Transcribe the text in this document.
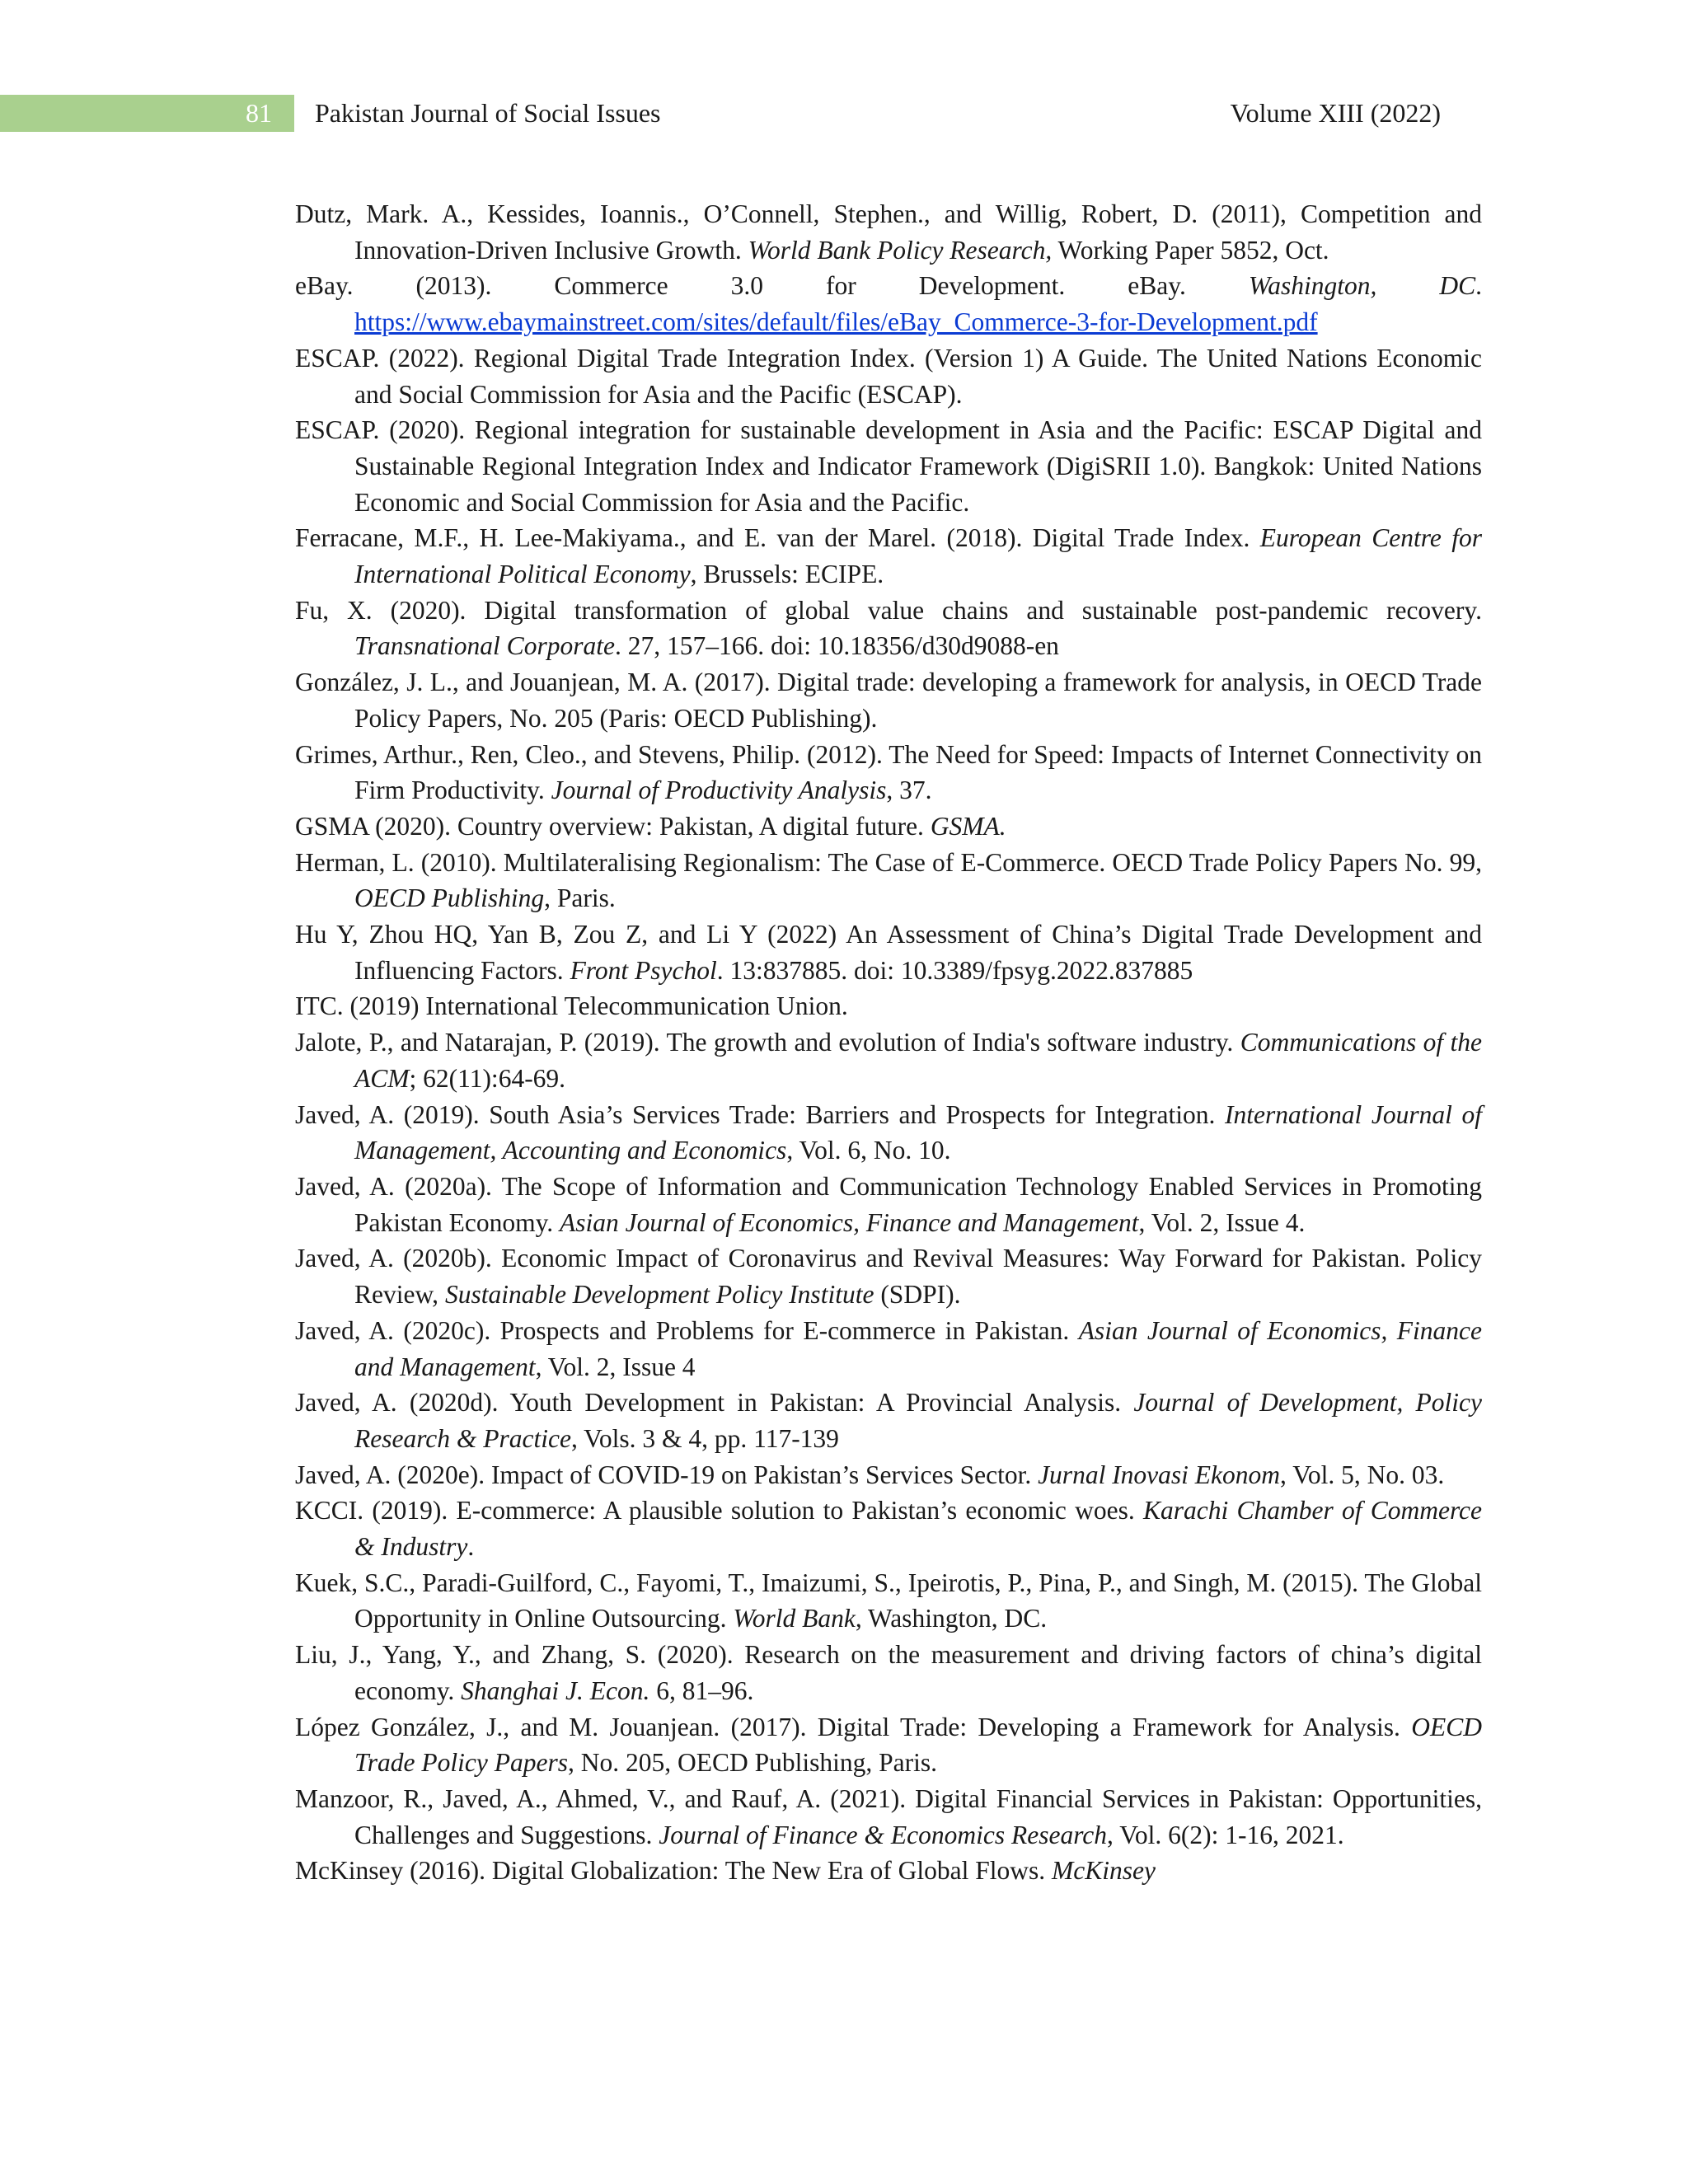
81 Pakistan Journal of Social Issues	Volume XIII (2022)

Dutz, Mark. A., Kessides, Ioannis., O’Connell, Stephen., and Willig, Robert, D. (2011), Competition and Innovation-Driven Inclusive Growth. World Bank Policy Research, Working Paper 5852, Oct.

eBay. (2013). Commerce 3.0 for Development. eBay. Washington, DC. https://www.ebaymainstreet.com/sites/default/files/eBay_Commerce-3-for-Development.pdf

ESCAP. (2022). Regional Digital Trade Integration Index. (Version 1) A Guide. The United Nations Economic and Social Commission for Asia and the Pacific (ESCAP).

ESCAP. (2020). Regional integration for sustainable development in Asia and the Pacific: ESCAP Digital and Sustainable Regional Integration Index and Indicator Framework (DigiSRII 1.0). Bangkok: United Nations Economic and Social Commission for Asia and the Pacific.

Ferracane, M.F., H. Lee-Makiyama., and E. van der Marel. (2018). Digital Trade Index. European Centre for International Political Economy, Brussels: ECIPE.

Fu, X. (2020). Digital transformation of global value chains and sustainable post-pandemic recovery. Transnational Corporate. 27, 157–166. doi: 10.18356/d30d9088-en

González, J. L., and Jouanjean, M. A. (2017). Digital trade: developing a framework for analysis, in OECD Trade Policy Papers, No. 205 (Paris: OECD Publishing).

Grimes, Arthur., Ren, Cleo., and Stevens, Philip. (2012). The Need for Speed: Impacts of Internet Connectivity on Firm Productivity. Journal of Productivity Analysis, 37.

GSMA (2020). Country overview: Pakistan, A digital future. GSMA.

Herman, L. (2010). Multilateralising Regionalism: The Case of E-Commerce. OECD Trade Policy Papers No. 99, OECD Publishing, Paris.

Hu Y, Zhou HQ, Yan B, Zou Z, and Li Y (2022) An Assessment of China’s Digital Trade Development and Influencing Factors. Front Psychol. 13:837885. doi: 10.3389/fpsyg.2022.837885

ITC. (2019) International Telecommunication Union.

Jalote, P., and Natarajan, P. (2019). The growth and evolution of India's software industry. Communications of the ACM; 62(11):64-69.

Javed, A. (2019). South Asia’s Services Trade: Barriers and Prospects for Integration. International Journal of Management, Accounting and Economics, Vol. 6, No. 10.

Javed, A. (2020a). The Scope of Information and Communication Technology Enabled Services in Promoting Pakistan Economy. Asian Journal of Economics, Finance and Management, Vol. 2, Issue 4.

Javed, A. (2020b). Economic Impact of Coronavirus and Revival Measures: Way Forward for Pakistan. Policy Review, Sustainable Development Policy Institute (SDPI).

Javed, A. (2020c). Prospects and Problems for E-commerce in Pakistan. Asian Journal of Economics, Finance and Management, Vol. 2, Issue 4

Javed, A. (2020d). Youth Development in Pakistan: A Provincial Analysis. Journal of Development, Policy Research & Practice, Vols. 3 & 4, pp. 117-139

Javed, A. (2020e). Impact of COVID-19 on Pakistan’s Services Sector. Jurnal Inovasi Ekonom, Vol. 5, No. 03.

KCCI. (2019). E-commerce: A plausible solution to Pakistan’s economic woes. Karachi Chamber of Commerce & Industry.

Kuek, S.C., Paradi-Guilford, C., Fayomi, T., Imaizumi, S., Ipeirotis, P., Pina, P., and Singh, M. (2015). The Global Opportunity in Online Outsourcing. World Bank, Washington, DC.

Liu, J., Yang, Y., and Zhang, S. (2020). Research on the measurement and driving factors of china’s digital economy. Shanghai J. Econ. 6, 81–96.

López González, J., and M. Jouanjean. (2017). Digital Trade: Developing a Framework for Analysis. OECD Trade Policy Papers, No. 205, OECD Publishing, Paris.

Manzoor, R., Javed, A., Ahmed, V., and Rauf, A. (2021). Digital Financial Services in Pakistan: Opportunities, Challenges and Suggestions. Journal of Finance & Economics Research, Vol. 6(2): 1-16, 2021.

McKinsey (2016). Digital Globalization: The New Era of Global Flows. McKinsey
